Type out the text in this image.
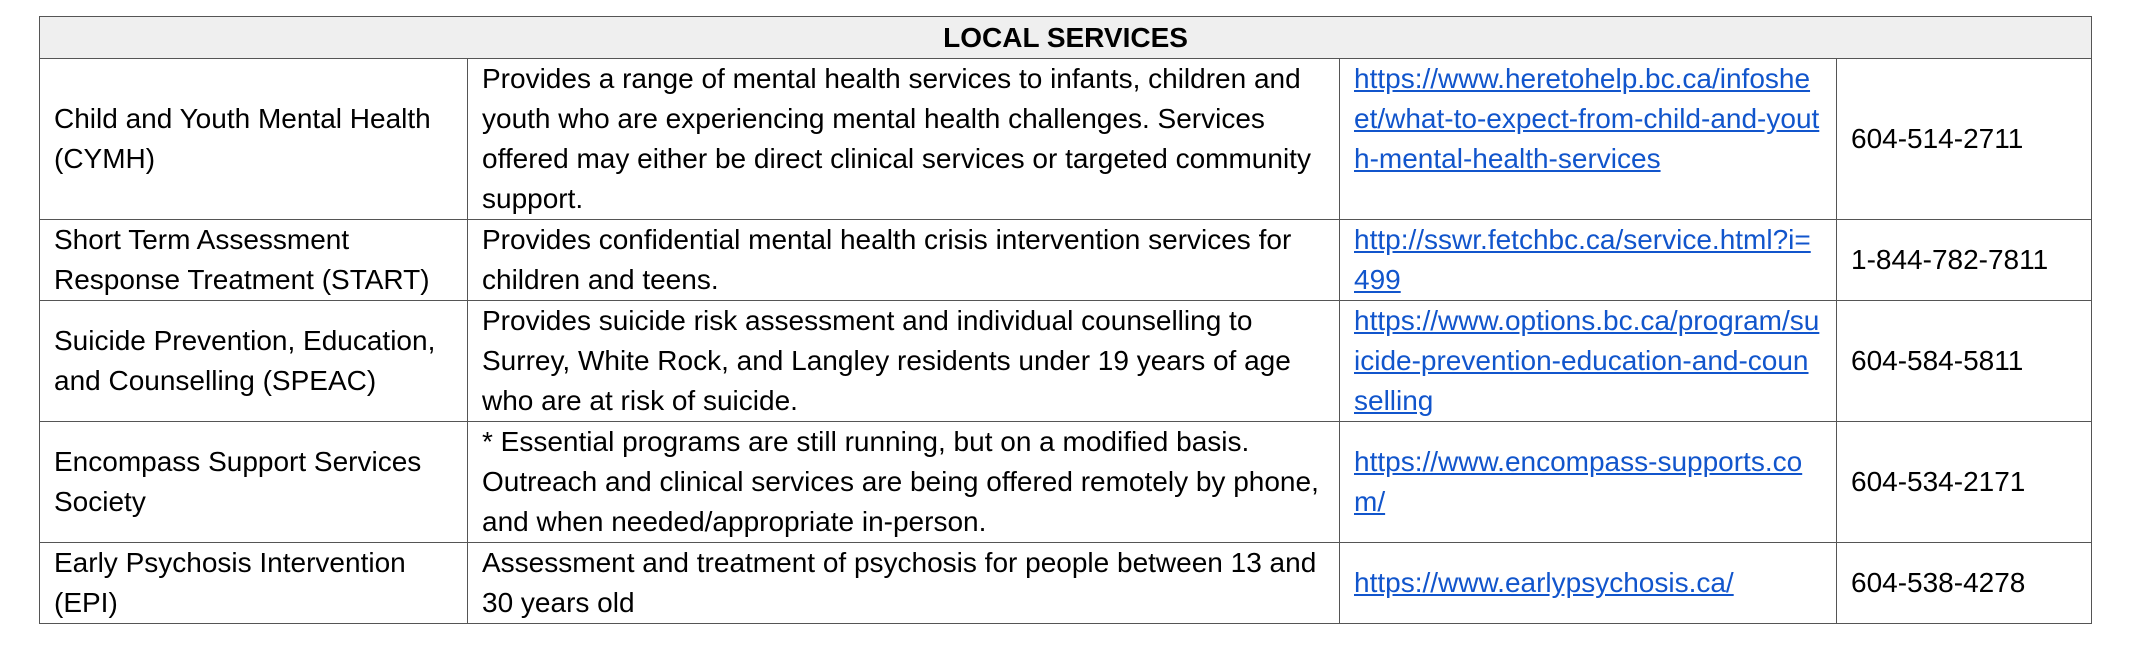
LOCAL SERVICES			
Child and Youth Mental Health (CYMH)	Provides a range of mental health services to infants, children and youth who are experiencing mental health challenges. Services offered may either be direct clinical services or targeted community support.	https://www.heretohelp.bc.ca/infosheet/what-to-expect-from-child-and-youth-mental-health-services	604-514-2711
Short Term Assessment Response Treatment (START)	Provides confidential mental health crisis intervention services for children and teens.	http://sswr.fetchbc.ca/service.html?i=499	1-844-782-7811
Suicide Prevention, Education, and Counselling (SPEAC)	Provides suicide risk assessment and individual counselling to Surrey, White Rock, and Langley residents under 19 years of age who are at risk of suicide.	https://www.options.bc.ca/program/suicide-prevention-education-and-counselling	604-584-5811
Encompass Support Services Society	* Essential programs are still running, but on a modified basis. Outreach and clinical services are being offered remotely by phone, and when needed/appropriate in-person.	https://www.encompass-supports.com/	604-534-2171
Early Psychosis Intervention (EPI)	Assessment and treatment of psychosis for people between 13 and 30 years old	https://www.earlypsychosis.ca/	604-538-4278
